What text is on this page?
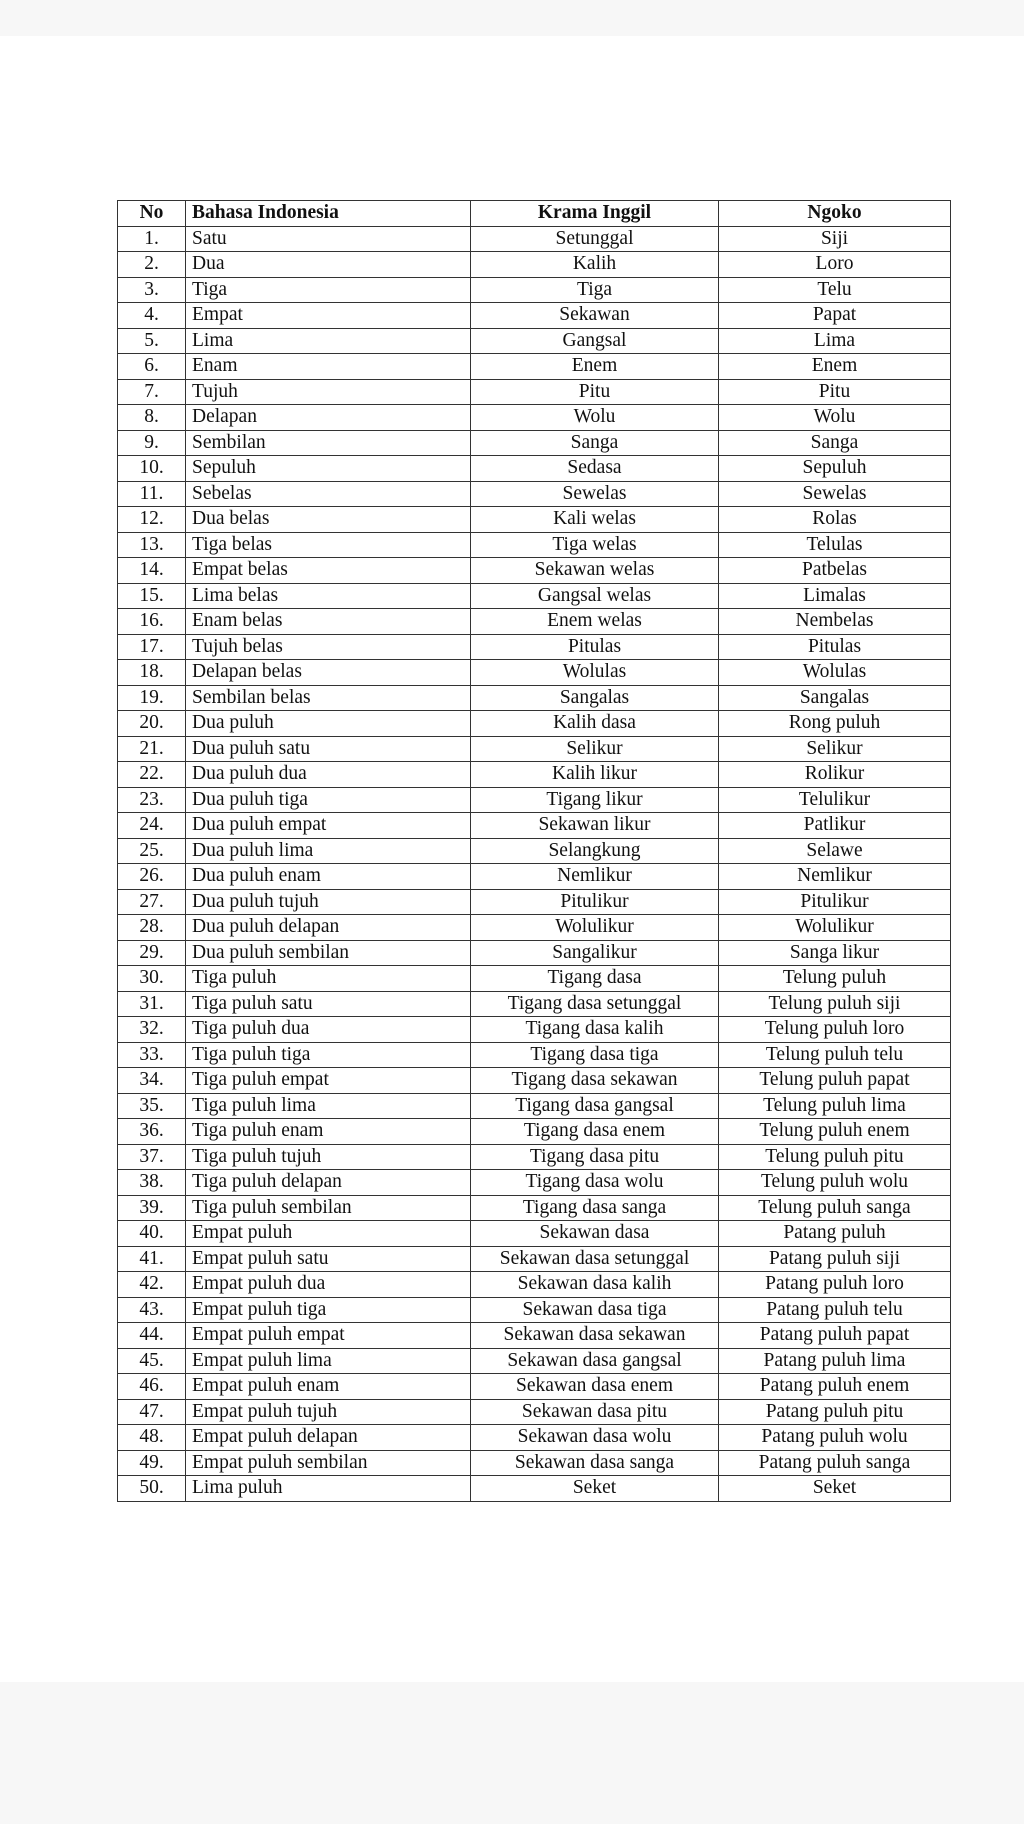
No	Bahasa Indonesia	Krama Inggil	Ngoko
1.	Satu	Setunggal	Siji
2.	Dua	Kalih	Loro
3.	Tiga	Tiga	Telu
4.	Empat	Sekawan	Papat
5.	Lima	Gangsal	Lima
6.	Enam	Enem	Enem
7.	Tujuh	Pitu	Pitu
8.	Delapan	Wolu	Wolu
9.	Sembilan	Sanga	Sanga
10.	Sepuluh	Sedasa	Sepuluh
11.	Sebelas	Sewelas	Sewelas
12.	Dua belas	Kali welas	Rolas
13.	Tiga belas	Tiga welas	Telulas
14.	Empat belas	Sekawan welas	Patbelas
15.	Lima belas	Gangsal welas	Limalas
16.	Enam belas	Enem welas	Nembelas
17.	Tujuh belas	Pitulas	Pitulas
18.	Delapan belas	Wolulas	Wolulas
19.	Sembilan belas	Sangalas	Sangalas
20.	Dua puluh	Kalih dasa	Rong puluh
21.	Dua puluh satu	Selikur	Selikur
22.	Dua puluh dua	Kalih likur	Rolikur
23.	Dua puluh tiga	Tigang likur	Telulikur
24.	Dua puluh empat	Sekawan likur	Patlikur
25.	Dua puluh lima	Selangkung	Selawe
26.	Dua puluh enam	Nemlikur	Nemlikur
27.	Dua puluh tujuh	Pitulikur	Pitulikur
28.	Dua puluh delapan	Wolulikur	Wolulikur
29.	Dua puluh sembilan	Sangalikur	Sanga likur
30.	Tiga puluh	Tigang dasa	Telung puluh
31.	Tiga puluh satu	Tigang dasa setunggal	Telung puluh siji
32.	Tiga puluh dua	Tigang dasa kalih	Telung puluh loro
33.	Tiga puluh tiga	Tigang dasa tiga	Telung puluh telu
34.	Tiga puluh empat	Tigang dasa sekawan	Telung puluh papat
35.	Tiga puluh lima	Tigang dasa gangsal	Telung puluh lima
36.	Tiga puluh enam	Tigang dasa enem	Telung puluh enem
37.	Tiga puluh tujuh	Tigang dasa pitu	Telung puluh pitu
38.	Tiga puluh delapan	Tigang dasa wolu	Telung puluh wolu
39.	Tiga puluh sembilan	Tigang dasa sanga	Telung puluh sanga
40.	Empat puluh	Sekawan dasa	Patang puluh
41.	Empat puluh satu	Sekawan dasa setunggal	Patang puluh siji
42.	Empat puluh dua	Sekawan dasa kalih	Patang puluh loro
43.	Empat puluh tiga	Sekawan dasa tiga	Patang puluh telu
44.	Empat puluh empat	Sekawan dasa sekawan	Patang puluh papat
45.	Empat puluh lima	Sekawan dasa gangsal	Patang puluh lima
46.	Empat puluh enam	Sekawan dasa enem	Patang puluh enem
47.	Empat puluh tujuh	Sekawan dasa pitu	Patang puluh pitu
48.	Empat puluh delapan	Sekawan dasa wolu	Patang puluh wolu
49.	Empat puluh sembilan	Sekawan dasa sanga	Patang puluh sanga
50.	Lima puluh	Seket	Seket
